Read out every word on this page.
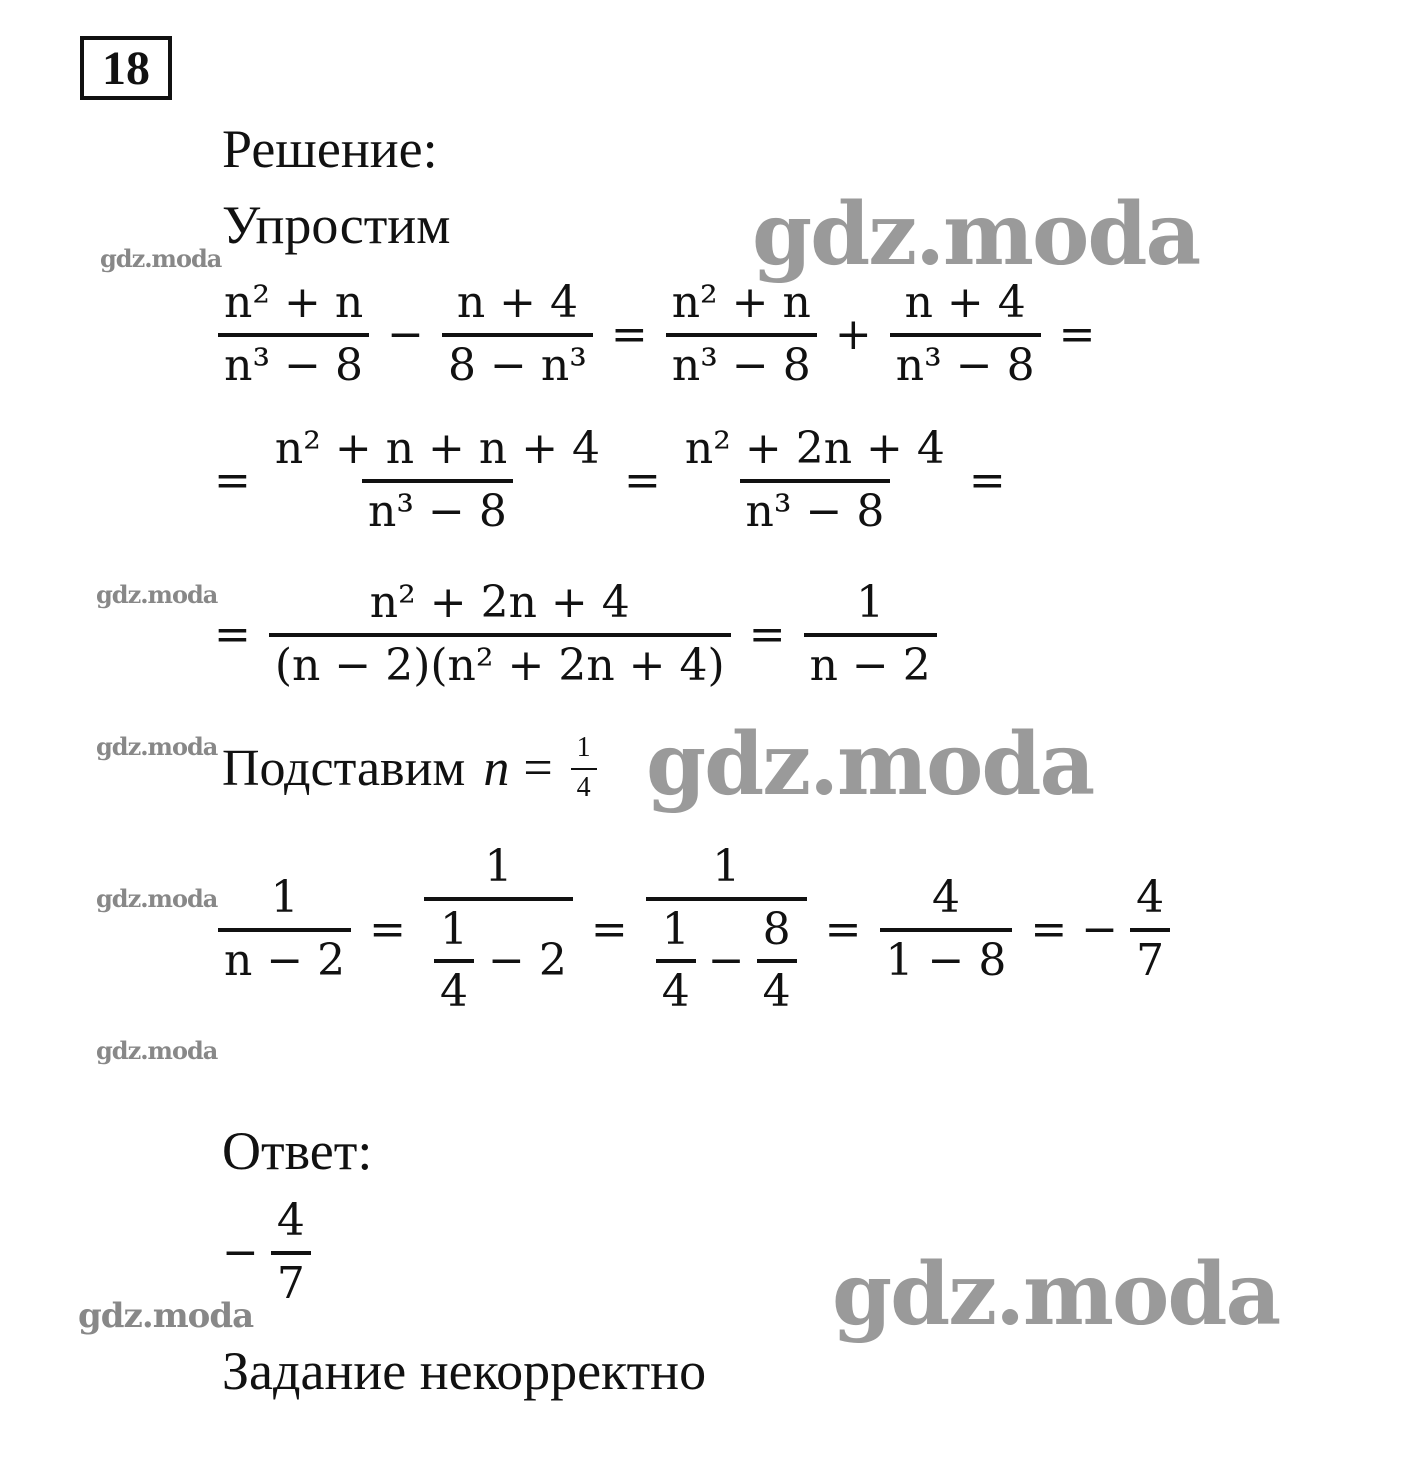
18
Решение:
Упростим
$\frac{\text{n² + n}}{\text{n³ − 8}} - \frac{n + 4}{\text{8 − n³}} = \frac{\text{n² + n}}{\text{n³ − 8}} + \frac{n + 4}{\text{n³ − 8}}$ =
= $\frac{\text{n² + n + n + 4}}{\text{n³ − 8}} = \frac{\text{n² + 2n + 4}}{\text{n³ − 8}}$ =
= $\frac{\text{n² + 2n + 4}}{\text{(n − 2)(n² + 2n + 4)}} = \frac{1}{n - 2}$
Подставим $n = \frac{1}{4}$
$\frac{1}{n - 2} = \frac{1}{\frac{1}{4} - 2} = \frac{1}{\frac{1}{4} - \frac{8}{4}} = \frac{4}{1 - 8}$ = − $\frac{4}{7}$
Ответ:
− $\frac{4}{7}$
Задание некорректно
gdz.moda
gdz.moda
gdz.moda
gdz.moda
gdz.moda
gdz.moda
gdz.moda
gdz.moda
gdz.moda
